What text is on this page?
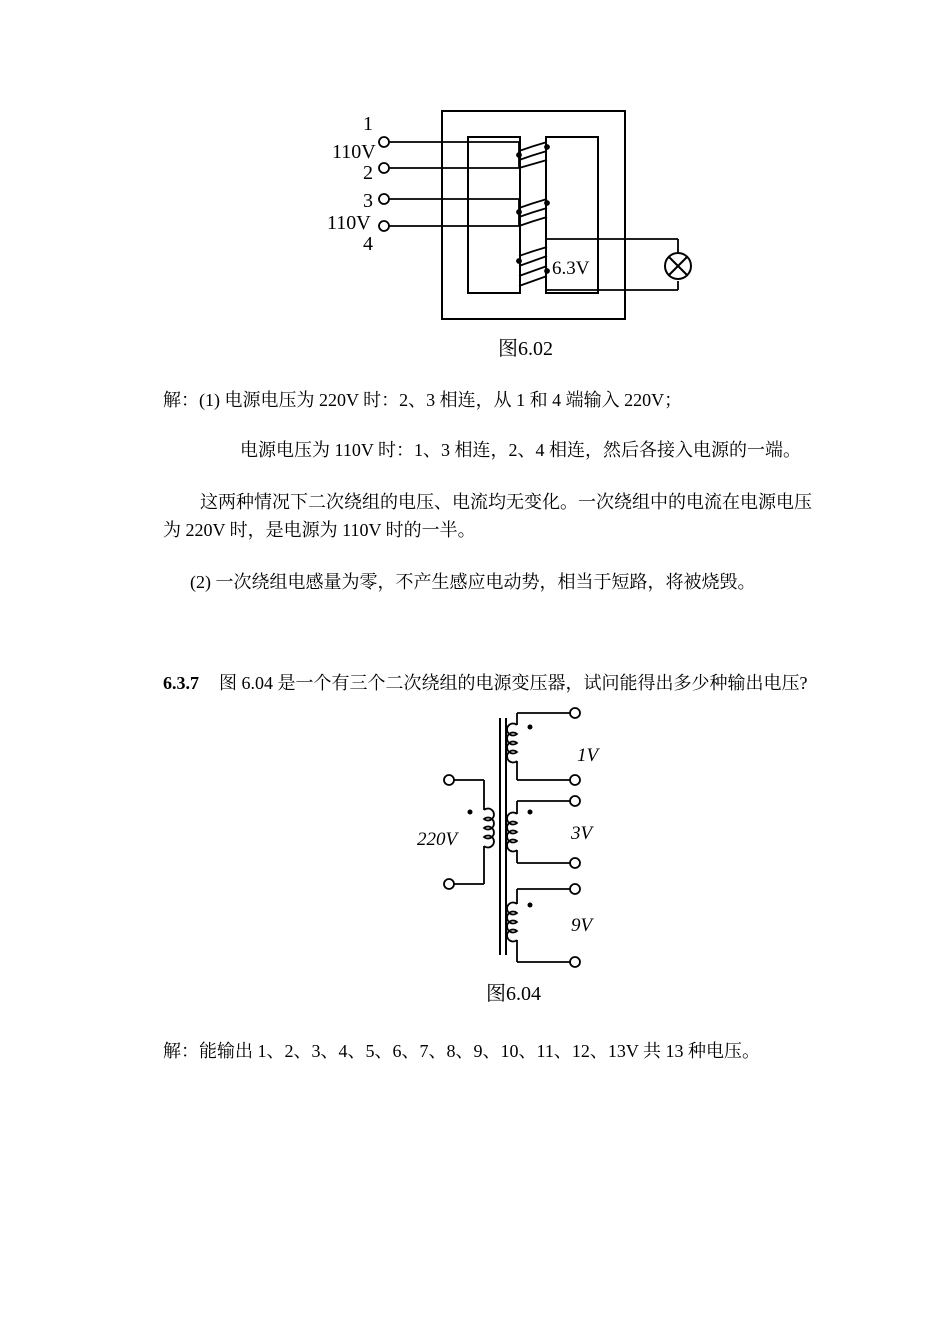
1
110V
2
3
110V
4
6.3V
图6.02
解：(1) 电源电压为 220V 时：2、3 相连，从 1 和 4 端输入 220V；
电源电压为 110V 时：1、3 相连，2、4 相连，然后各接入电源的一端。
这两种情况下二次绕组的电压、电流均无变化。一次绕组中的电流在电源电压
为 220V 时，是电源为 110V 时的一半。
(2) 一次绕组电感量为零，不产生感应电动势，相当于短路，将被烧毁。
6.3.7 图 6.04 是一个有三个二次绕组的电源变压器，试问能得出多少种输出电压?
220V
1V
3V
9V
图6.04
解：能输出 1、2、3、4、5、6、7、8、9、10、11、12、13V 共 13 种电压。
